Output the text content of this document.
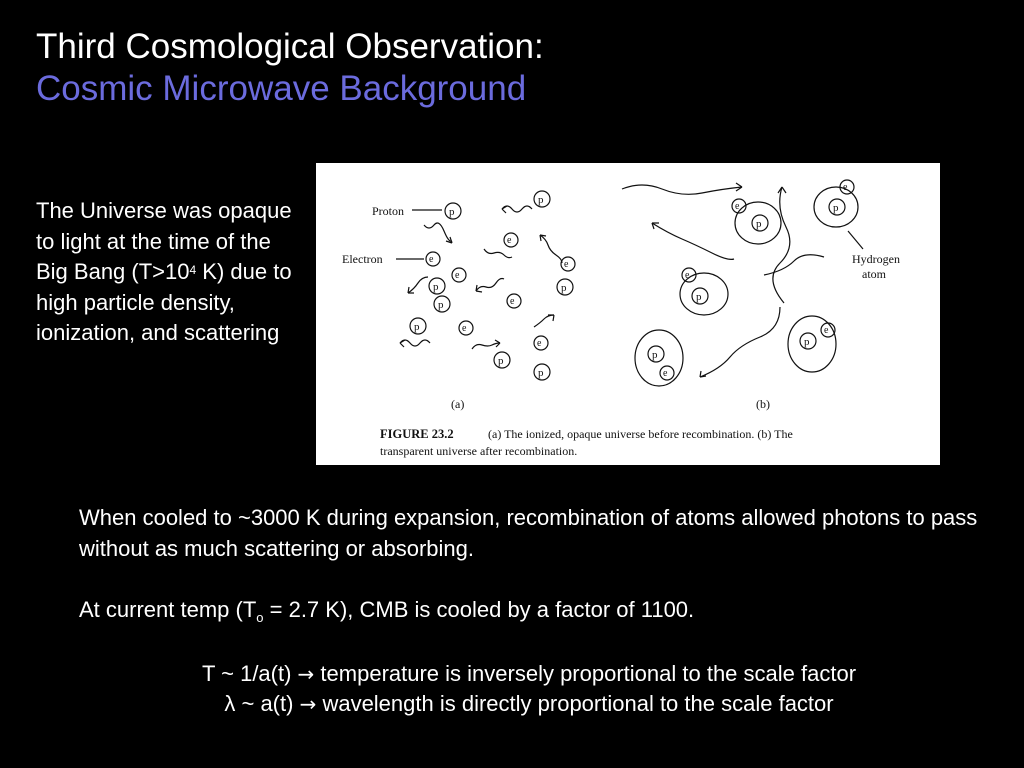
Third Cosmological Observation:
Cosmic Microwave Background
The Universe was opaque to light at the time of the Big Bang ($T>10^4$ K) due to high particle density, ionization, and scattering
Proton
Electron
p
e
p
e
e
e
p	p
p	e
p	e
e
p
p
p
e	p
e
p
e
p
e
p
e
Hydrogen
atom
(a)	(b)
FIGURE 23.2	(a) The ionized, opaque universe before recombination. (b) The
transparent universe after recombination.

When cooled to ~3000 K during expansion, recombination of atoms allowed photons to pass without as much scattering or absorbing.

At current temp ($T_o = 2.7$ K), CMB is cooled by a factor of 1100.

T ~ 1/a(t) → temperature is inversely proportional to the scale factor

λ ~ a(t) → wavelength is directly proportional to the scale factor
